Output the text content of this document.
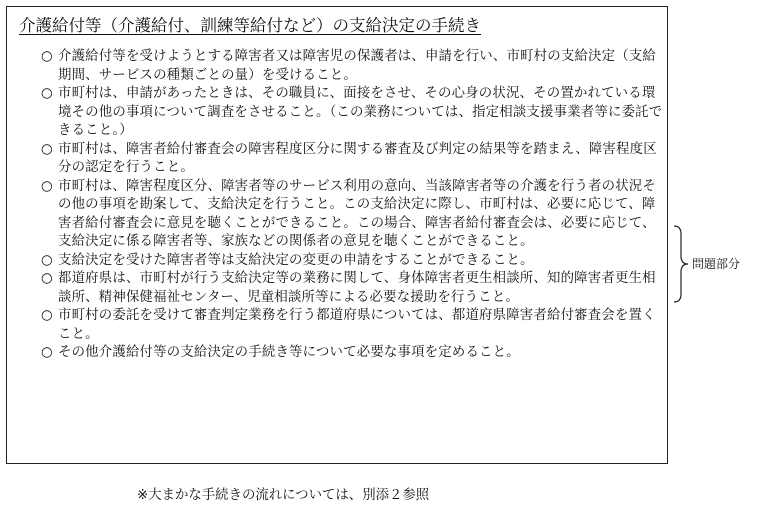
介護給付等（介護給付、訓練等給付など）の支給決定の手続き
○ 介護給付等を受けようとする障害者又は障害児の保護者は、申請を行い、市町村の支給決定（支給期間、サービスの種類ごとの量）を受けること。
○ 市町村は、申請があったときは、その職員に、面接をさせ、その心身の状況、その置かれている環境その他の事項について調査をさせること。（この業務については、指定相談支援事業者等に委託できること。）
○ 市町村は、障害者給付審査会の障害程度区分に関する審査及び判定の結果等を踏まえ、障害程度区分の認定を行うこと。
○ 市町村は、障害程度区分、障害者等のサービス利用の意向、当該障害者等の介護を行う者の状況その他の事項を勘案して、支給決定を行うこと。この支給決定に際し、市町村は、必要に応じて、障害者給付審査会に意見を聴くことができること。この場合、障害者給付審査会は、必要に応じて、支給決定に係る障害者等、家族などの関係者の意見を聴くことができること。
○ 支給決定を受けた障害者等は支給決定の変更の申請をすることができること。
○ 都道府県は、市町村が行う支給決定等の業務に関して、身体障害者更生相談所、知的障害者更生相談所、精神保健福祉センター、児童相談所等による必要な援助を行うこと。
○ 市町村の委託を受けて審査判定業務を行う都道府県については、都道府県障害者給付審査会を置くこと。
○ その他介護給付等の支給決定の手続き等について必要な事項を定めること。
問題部分
※大まかな手続きの流れについては、別添２参照
